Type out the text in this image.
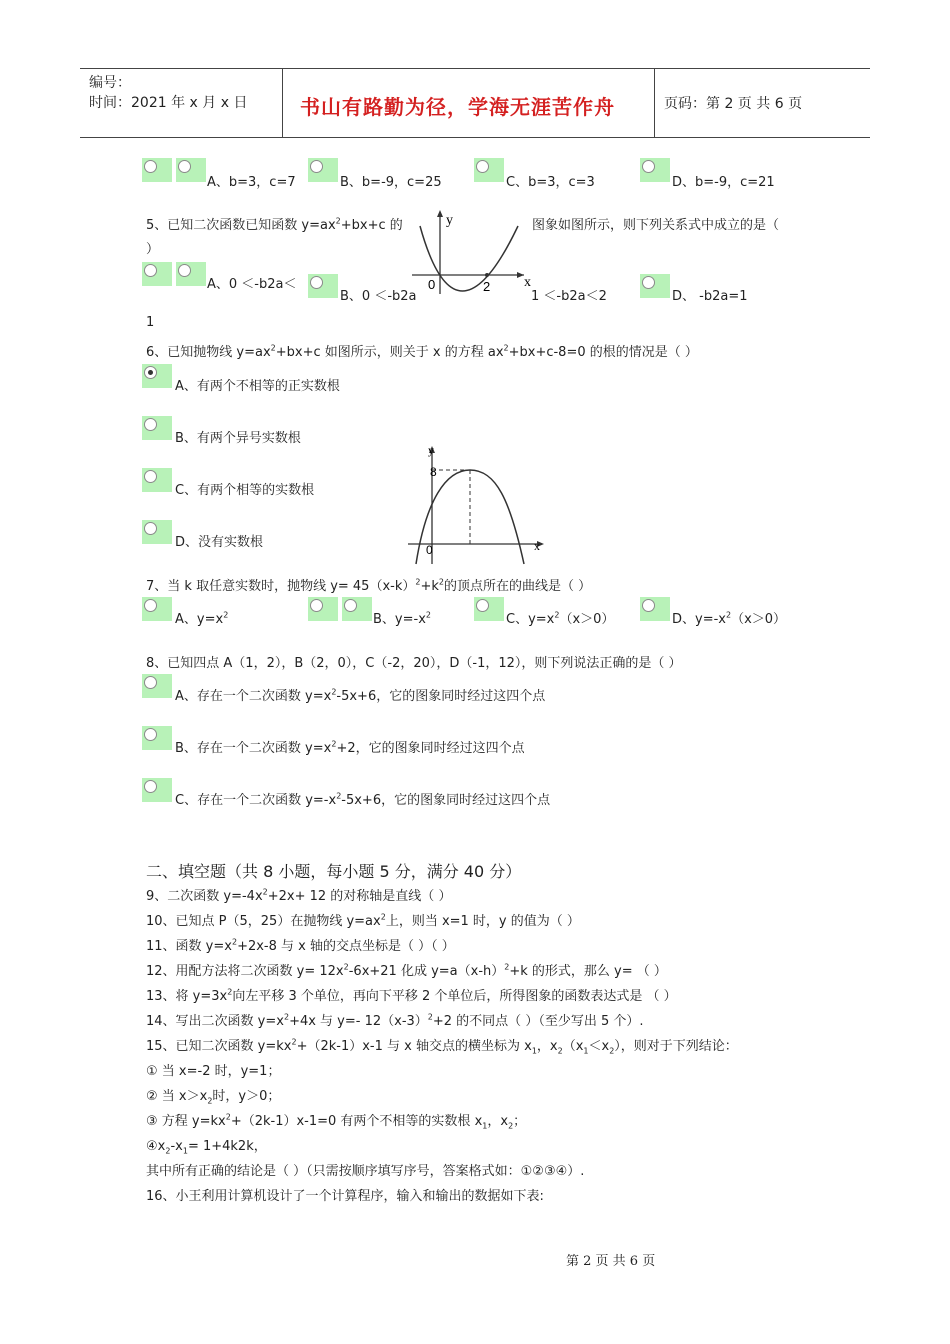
编号：
时间：2021 年 x 月 x 日	书山有路勤为径，学海无涯苦作舟	页码：第 2 页 共 6 页
A、b=3，c=7	B、b=-9，c=25	C、b=3，c=3	D、b=-9，c=21
5、已知二次函数已知函数 $y=ax^2+bx+c$ 的	图象如图所示，则下列关系式中成立的是（
）
y
x
0	2
A、0 ＜-b2a＜
B、0 ＜-b2a	1 ＜-b2a＜2	D、 -b2a=1
1
6、已知抛物线 $y=ax^2+bx+c$ 如图所示，则关于 x 的方程 $ax^2+bx+c-8=0$ 的根的情况是（ ）
A、有两个不相等的正实数根
B、有两个异号实数根
C、有两个相等的实数根
D、没有实数根
y
x
0
8
7、当 k 取任意实数时，抛物线 $y= 45(x-k)^2+k^2$的顶点所在的曲线是（ ）
A、$y=x^2$	B、$y=-x^2$	C、$y=x^2(x>0)$	D、$y=-x^2(x>0)$
8、已知四点 A（1，2），B（2，0），C（-2，20），D（-1，12），则下列说法正确的是（ ）
A、存在一个二次函数 $y=x^2-5x+6$，它的图象同时经过这四个点
B、存在一个二次函数 $y=x^2+2$，它的图象同时经过这四个点
C、存在一个二次函数 $y=-x^2-5x+6$，它的图象同时经过这四个点
二、填空题（共 8 小题，每小题 5 分，满分 40 分）
9、二次函数 $y=-4x^2+2x+ 12$ 的对称轴是直线（ ）
10、已知点 P（5，25）在抛物线 $y=ax^2$上，则当 x=1 时，y 的值为（ ）
11、函数 $y=x^2+2x-8$ 与 x 轴的交点坐标是（ ）（ ）
12、用配方法将二次函数 $y= 12x^2-6x+21$ 化成 $y=a(x-h)^2+k$ 的形式，那么 y= （ ）
13、将 $y=3x^2$向左平移 3 个单位，再向下平移 2 个单位后，所得图象的函数表达式是 （ ）
14、写出二次函数 $y=x^2+4x$ 与 y=- $12(x-3)^2+2$ 的不同点（ ）（至少写出 5 个）.
15、已知二次函数 $y=kx^2+(2k-1)x-1$ 与 x 轴交点的横坐标为 $x_1$，$x_2(x_1<x_2)$，则对于下列结论：
① 当 x=-2 时，y=1；
② 当 $x>x_2$时，y＞0；
③ 方程 $y=kx^2+(2k-1)x-1=0$ 有两个不相等的实数根 $x_1$，$x_2$；
$④x_2-x_1= 1+4k2k$，
其中所有正确的结论是（ ）（只需按顺序填写序号，答案格式如：①②③④）.
16、小王利用计算机设计了一个计算程序，输入和输出的数据如下表:
第 2 页 共 6 页
